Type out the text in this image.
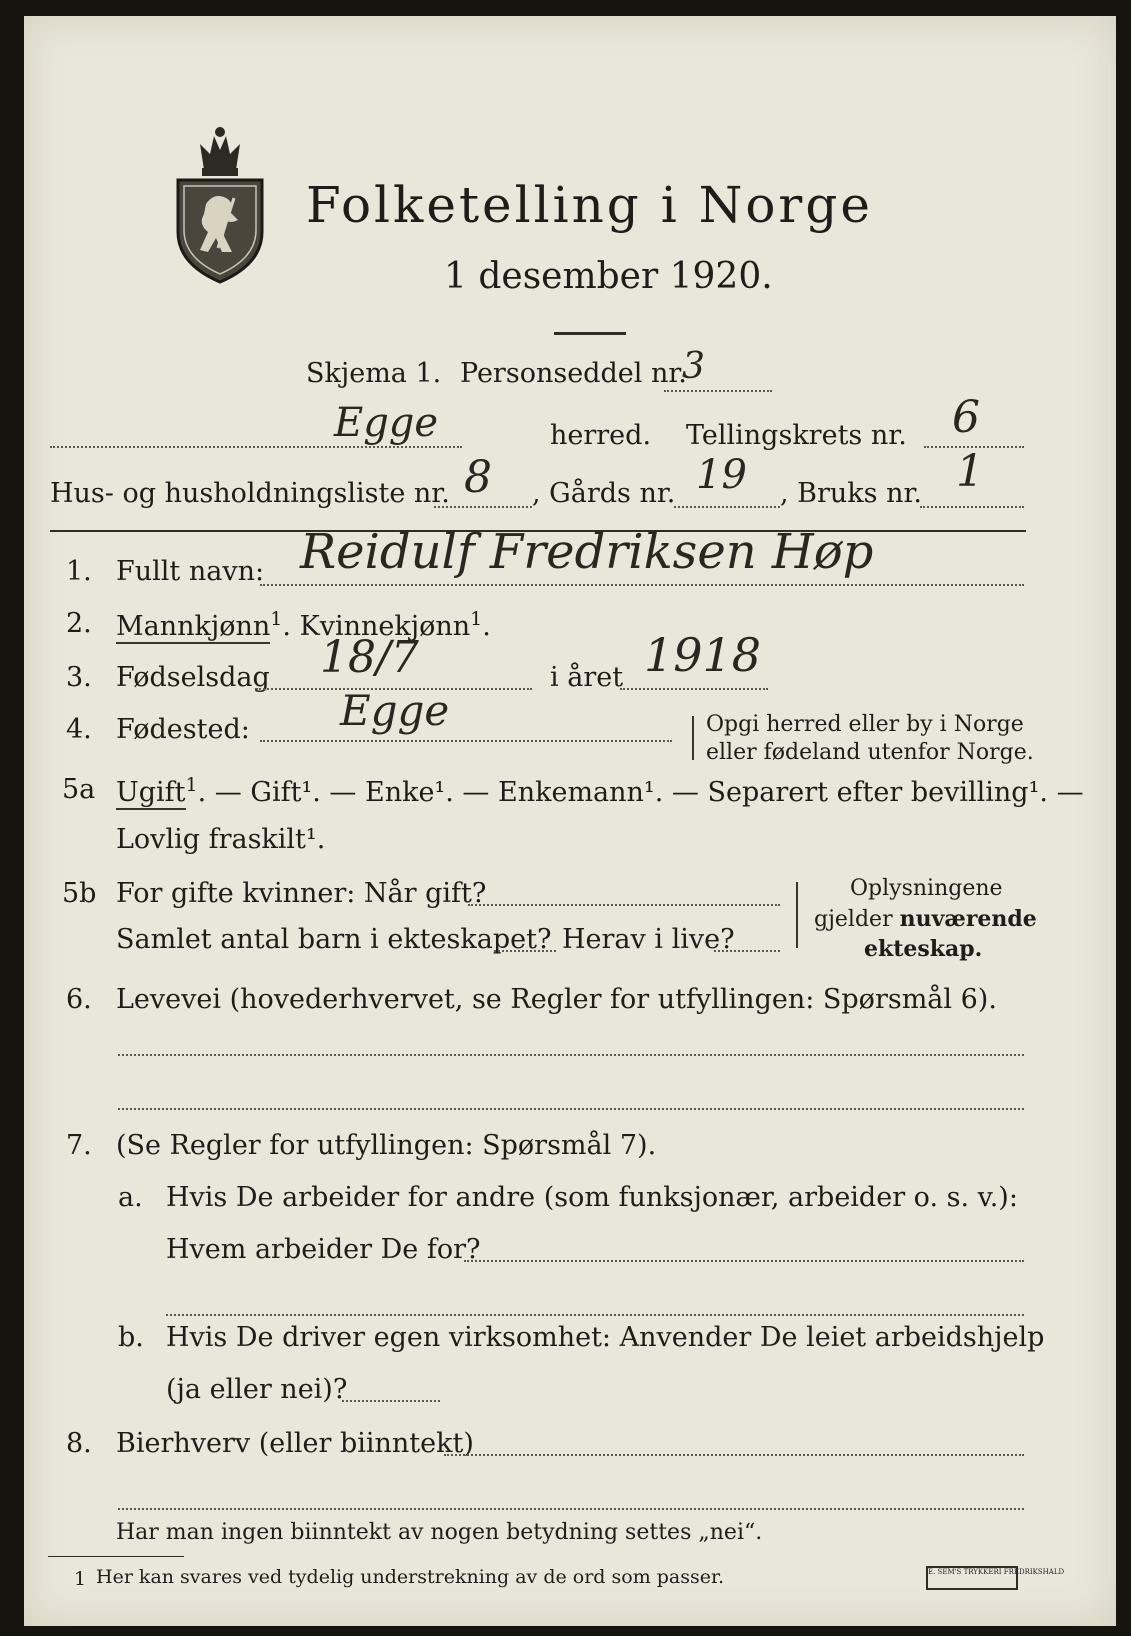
Folketelling i Norge
1 desember 1920.
Skjema 1. Personseddel nr.
3
Egge	herred. Tellingskrets nr. 6
Hus- og husholdningsliste nr. 8 , Gårds nr. 19 , Bruks nr. 1
1. Fullt navn: Reidulf Fredriksen Høp
2. Mannkjønn$^1$. Kvinnekjønn$^1$.
3. Fødselsdag 18/7	i året 1918
4. Fødested: Egge	Opgi herred eller by i Norge
eller fødeland utenfor Norge.
5a Ugift$^1$. — Gift¹. — Enke¹. — Enkemann¹. — Separert efter bevilling¹. —
Lovlig fraskilt¹.
5b For gifte kvinner: Når gift?
Samlet antal barn i ekteskapet? Herav i live?
Oplysningene
gjelder nuværende
ekteskap.
6. Levevei (hovederhvervet, se Regler for utfyllingen: Spørsmål 6).
7. (Se Regler for utfyllingen: Spørsmål 7).
a. Hvis De arbeider for andre (som funksjonær, arbeider o. s. v.):
Hvem arbeider De for?
b. Hvis De driver egen virksomhet: Anvender De leiet arbeidshjelp
(ja eller nei)?
8. Bierhverv (eller biinntekt)
Har man ingen biinntekt av nogen betydning settes „nei“.
1 Her kan svares ved tydelig understrekning av de ord som passer.	E. SEM'S TRYKKERI FREDRIKSHALD
